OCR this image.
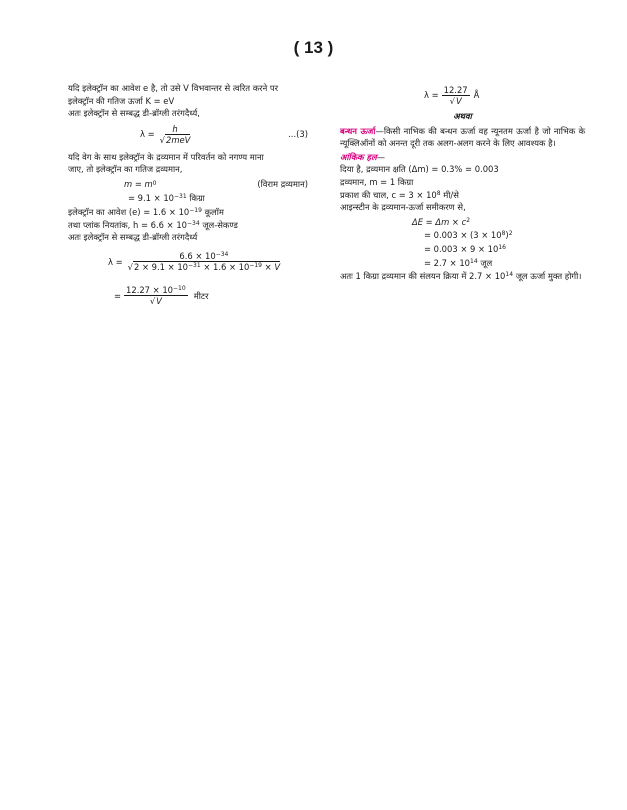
( 13 )
यदि इलेक्ट्रॉन का आवेश e है, तो उसे V विभवान्तर से त्वरित करने पर
इलेक्ट्रॉन की गतिज ऊर्जा K = eV
अतः इलेक्ट्रॉन से सम्बद्ध डी-ब्रॉग्ली तरंगदैर्ध्य,
$\lambda = \frac{h}{\text{√2meV}}$	...(3)
यदि वेग के साथ इलेक्ट्रॉन के द्रव्यमान में परिवर्तन को नगण्य माना
जाए, तो इलेक्ट्रॉन का गतिज द्रव्यमान,
m = m 0	(विराम द्रव्यमान)
= $9.1 \times 10^{-31}$ किग्रा
इलेक्ट्रॉन का आवेश $(e) = 1.6 \times 10^{-19}$ कूलॉम
तथा प्लांक नियतांक, $h = 6.6 \times 10^{-34}$ जूल-सेकण्ड
अतः इलेक्ट्रॉन से सम्बद्ध डी-ब्रॉग्ली तरंगदैर्ध्य
$\lambda = \frac{6.6 \times 10^{-34}}{√2 \times 9.1 \times 10^{-31} \times 1.6 \times 10^{-19} \times V}$
= $\frac{12.27 \times 10^{-10}}{√V}$ मीटर
$\lambda = \frac{12.27}{√V}$ Å
अथवा
बन्धन ऊर्जा—किसी नाभिक की बन्धन ऊर्जा वह न्यूनतम ऊर्जा है जो नाभिक के न्यूक्लिऑनों को अनन्त दूरी तक अलग-अलग करने के लिए आवश्यक है।
आंकिक हल—
दिया है, द्रव्यमान क्षति (Δm) = 0.3% = 0.003
द्रव्यमान, m = 1 किग्रा
प्रकाश की चाल, $c = 3 \times 10^8$ मी/से
आइन्स्टीन के द्रव्यमान-ऊर्जा समीकरण से,
$\Delta E = \Delta m \times c^2$
= $0.003 \times (3 \times 10^8)^2$
= $0.003 \times 9 \times 10^{16}$
= $2.7 \times 10^{14}$ जूल
अतः 1 किग्रा द्रव्यमान की संलयन क्रिया में $2.7 \times 10^{14}$ जूल ऊर्जा मुक्त होगी।
